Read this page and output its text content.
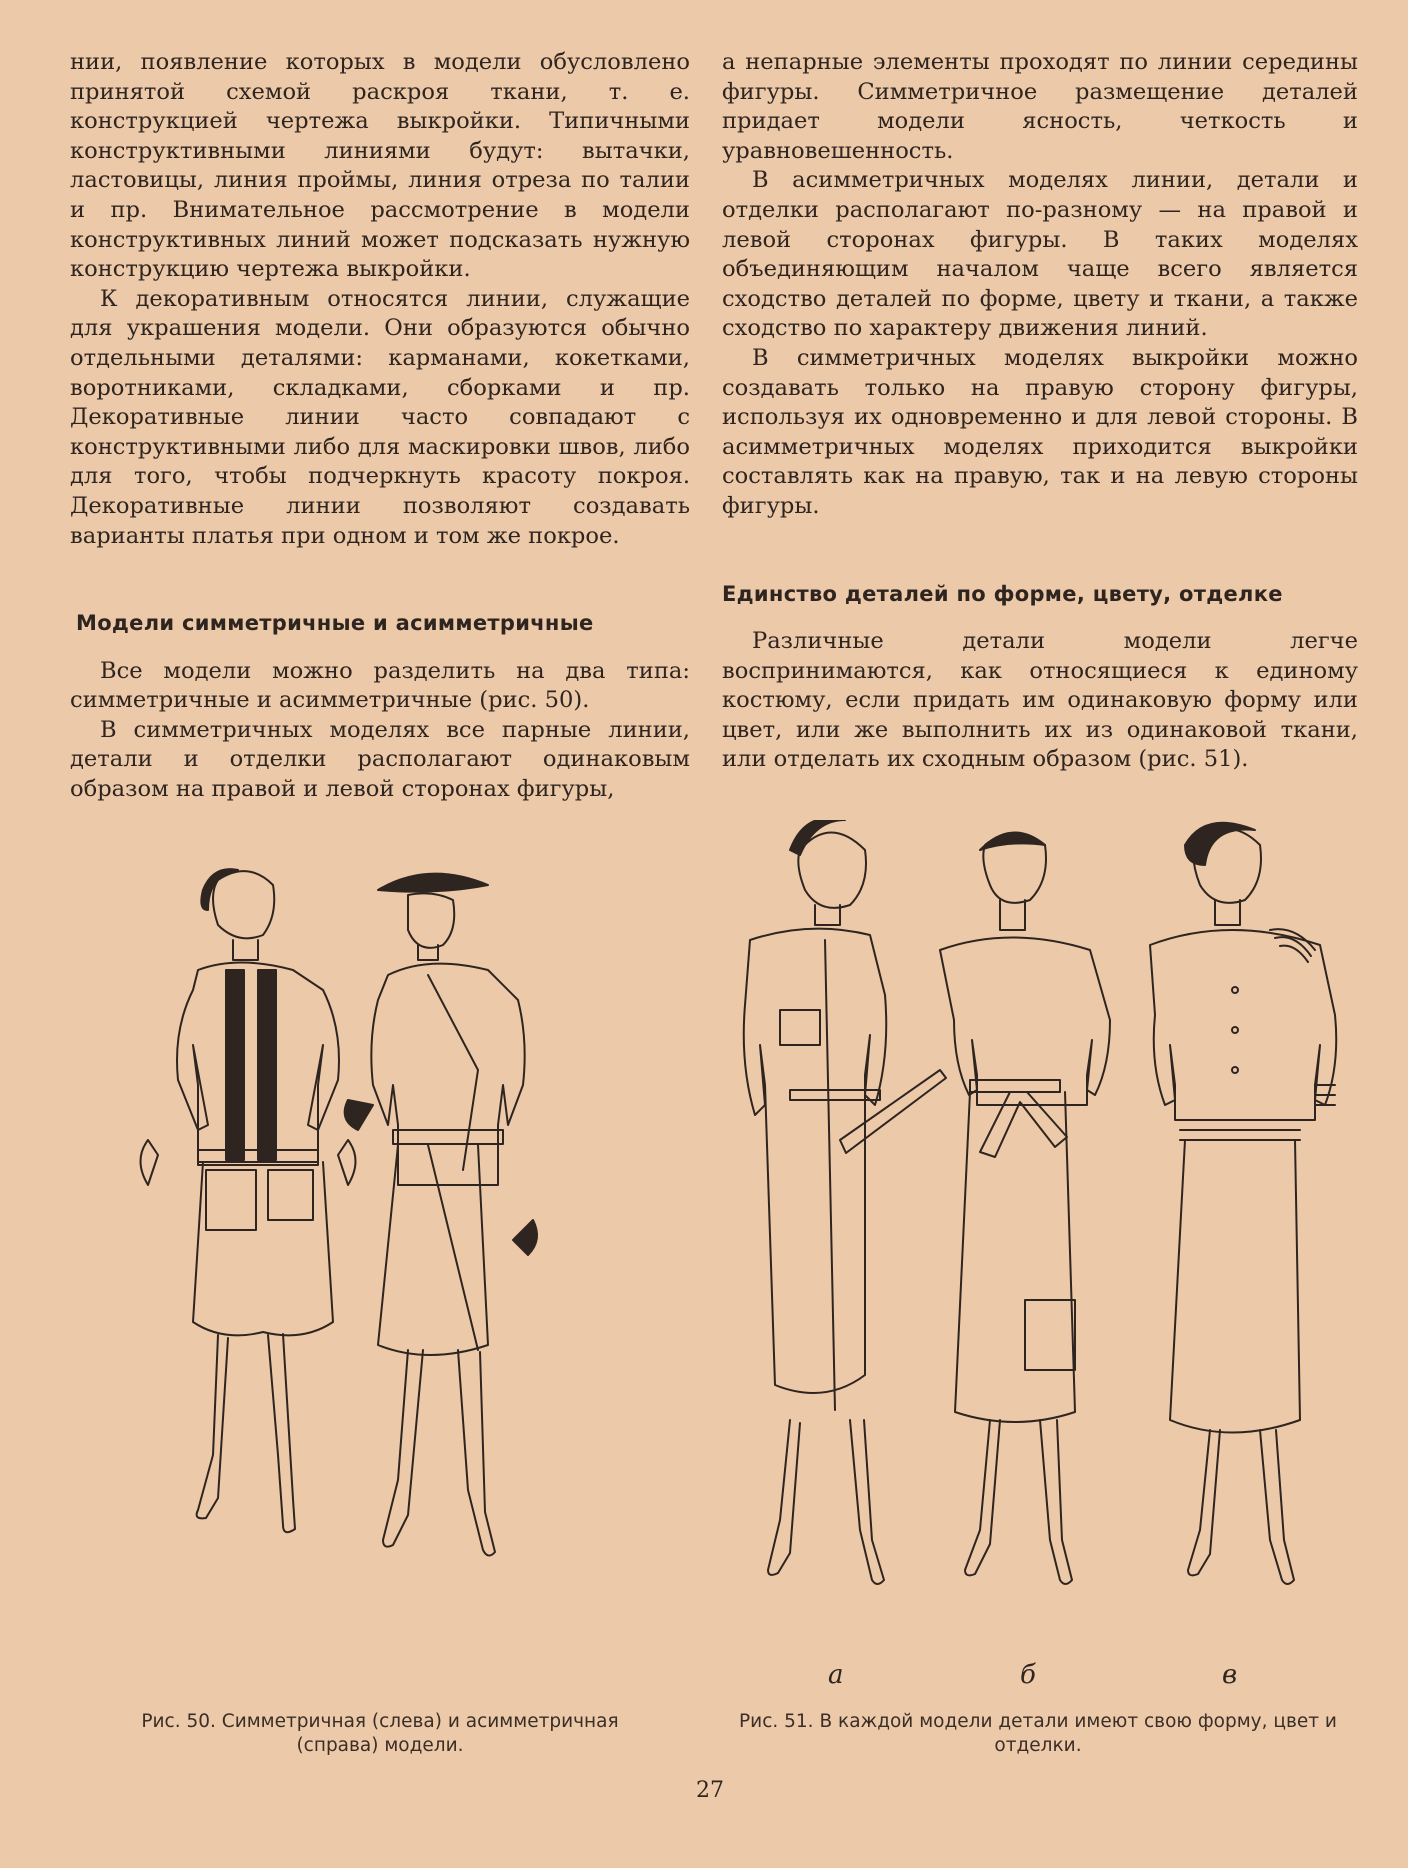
нии, появление которых в модели обусловлено принятой схемой раскроя ткани, т. е. конструкцией чертежа выкройки. Типичными конструктивными линиями будут: вытачки, ластовицы, линия проймы, линия отреза по талии и пр. Внимательное рассмотрение в модели конструктивных линий может подсказать нужную конструкцию чертежа выкройки.

К декоративным относятся линии, служащие для украшения модели. Они образуются обычно отдельными деталями: карманами, кокетками, воротниками, складками, сборками и пр. Декоративные линии часто совпадают с конструктивными либо для маскировки швов, либо для того, чтобы подчеркнуть красоту покроя. Декоративные линии позволяют создавать варианты платья при одном и том же покрое.

Модели симметричные и асимметричные

Все модели можно разделить на два типа: симметричные и асимметричные (рис. 50).

В симметричных моделях все парные линии, детали и отделки располагают одинаковым образом на правой и левой сторонах фигуры,

а непарные элементы проходят по линии середины фигуры. Симметричное размещение деталей придает модели ясность, четкость и уравновешенность.

В асимметричных моделях линии, детали и отделки располагают по-разному — на правой и левой сторонах фигуры. В таких моделях объединяющим началом чаще всего является сходство деталей по форме, цвету и ткани, а также сходство по характеру движения линий.

В симметричных моделях выкройки можно создавать только на правую сторону фигуры, используя их одновременно и для левой стороны. В асимметричных моделях приходится выкройки составлять как на правую, так и на левую стороны фигуры.

Единство деталей по форме, цвету, отделке

Различные детали модели легче воспринимаются, как относящиеся к единому костюму, если придать им одинаковую форму или цвет, или же выполнить их из одинаковой ткани, или отделать их сходным образом (рис. 51).

а	б	в
Рис. 50. Симметричная (слева) и асимметричная (справа) модели.
Рис. 51. В каждой модели детали имеют свою форму, цвет и отделки.
27
